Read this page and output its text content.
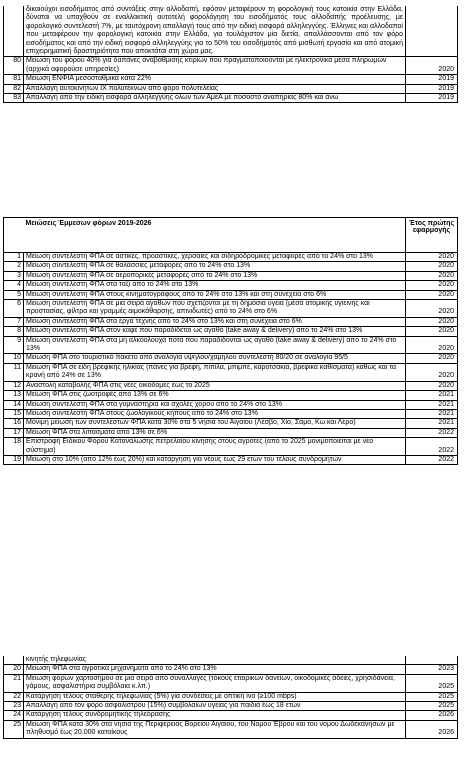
	δικαιούχοι εισοδήματος από συντάξεις στην αλλοδαπή, εφόσον μεταφέρουν τη φορολογική τους κατοικία στην Ελλάδα, δύναται να υπαχθούν σε εναλλακτική αυτοτελή φορολόγηση του εισοδήματός τους αλλοδαπής προέλευσης, με φορολογικό συντελεστή 7%, με ταυτόχρονη απαλλαγή τους από την ειδική εισφορά αλληλεγγύης. Έλληνες και αλλοδαποί που μεταφέρουν την φορολογική κατοικία στην Ελλάδα, για τουλάχιστον μία διετία, απαλλάσσονται από τον φόρο εισοδήματος και από την ειδική εισφορά αλληλεγγύης για το 50% του εισοδήματός από μισθωτή εργασία και από ατομική επιχειρηματική δραστηριότητα που αποκτάται στη χώρα μας.	
80	Μείωση του φόρου 40% για δαπάνες αναβάθμισης κτιρίων που πραγματοποιούνται με ηλεκτρονικά μέσα πληρωμών (αρχικά αφορούσε υπηρεσίες)	2020
81	Μείωση ΕΝΦΙΑ μεσοσταθμικά κατά 22%	2019
82	Απαλλαγή αυτοκινήτων ΙΧ πολυτέκνων από φόρο πολυτελείας	2019
83	Απαλλαγή από την ειδική εισφορά αλληλεγγύης όλων των ΑμεΑ με ποσοστό αναπηρίας 80% και άνω	2019
	Μειώσεις Έμμεσων φόρων 2019-2026	Έτος πρώτης εφαρμογής
1	Μείωση συντελεστή ΦΠΑ σε αστικές, προαστικές, χερσαίες και σιδηροδρομικές μεταφορές από το 24% στο 13%	2020
2	Μείωση συντελεστή ΦΠΑ σε θαλάσσιες μεταφορές από το 24% στο 13%	2020
3	Μείωση συντελεστή ΦΠΑ σε αεροπορικές μεταφορές από το 24% στο 13%	2020
4	Μείωση συντελεστή ΦΠΑ στα ταξί από το 24% στο 13%	2020
5	Μείωση συντελεστή ΦΠΑ στους κινηματογράφους από το 24% στο 13% και στη συνέχεια στο 6%	2020
6	Μείωση συντελεστή ΦΠΑ σε μια σειρά αγαθών που σχετίζονται με τη δημόσια υγεία (μέσα ατομικής υγιεινής και προστασίας, φίλτρα και γραμμές αιμοκάθαρσης, απινιδωτές) από το 24% στο 6%	2020
7	Μείωση συντελεστή ΦΠΑ στα έργα τέχνης από το 24% στο 13% και στη συνέχεια στο 6%	2020
8	Μείωση συντελεστή ΦΠΑ στον καφέ που παραδίδεται ως αγαθό (take away & delivery) από το 24% στο 13%	2020
9	Μείωση συντελεστή ΦΠΑ στα μη αλκοολούχα ποτά που παραδίδονται ως αγαθό (take away & delivery) από το 24% στο 13%	2020
10	Μείωση ΦΠΑ στο τουριστικό πακέτο από αναλογία υψηλού/χαμηλού συντελεστή 80/20 σε αναλογία 95/5	2020
11	Μείωση ΦΠΑ σε είδη βρεφικής ηλικίας (πάνες για βρέφη, πιπίλα, μπιμπέ, καροτσάκια, βρεφικά καθίσματα) καθώς και τα κρανή από 24% σε 13%	2020
12	Αναστολή καταβολής ΦΠΑ στις νέες οικοδομές έως το 2025	2020
13	Μείωση ΦΠΑ στις ζωοτροφές από 13% σε 6%	2021
14	Μείωση συντελεστή ΦΠΑ στα γυμναστήρια και σχολές χορού από το 24% στο 13%	2021
15	Μείωση συντελεστή ΦΠΑ στους ζωολογικούς κήπους από το 24% στο 13%	2021
16	Μόνιμη μείωση των συντελεστών ΦΠΑ κατά 30% στα 5 νησιά του Αιγαίου (Λέσβο, Χίο, Σάμο, Κω και Λέρο)	2021
17	Μείωση ΦΠΑ στα λιπάσματα από 13% σε 6%	2022
18	Επιστροφή Ειδικού Φόρου Κατανάλωσης πετρελαίου κίνησης στους αγρότες (από το 2025 μονιμοποιείται με νέο σύστημα)	2022
19	Μείωση στο 10% (από 12% έως 20%) και κατάργηση για νέους έως 29 ετών του τέλους συνδρομητών	2022
	κινητής τηλεφωνίας	
20	Μείωση ΦΠΑ στα αγροτικά μηχανήματα από το 24% στο 13%	2023
21	Μείωση φόρων χαρτοσήμου σε μια σειρά από συναλλαγές (τόκους εταιρικών δανείων, οικοδομικές άδειες, χρησιδάνεια, γάμους, ασφαλιστήρια συμβόλαια κ.λπ.)	2025
22	Κατάργηση τέλους σταθερής τηλεφωνίας (5%) για συνδέσεις με οπτική ίνα (≥100 mbps)	2025
23	Απαλλαγή από τον φόρο ασφαλίστρου (15%) συμβολαίων υγείας για παιδιά έως 18 ετών	2025
24	Κατάργηση τέλους συνδρομητικής τηλεόρασης	2026
25	Μείωση ΦΠΑ κατά 30% στα νησιά της Περιφέρειας Βορείου Αιγαίου, του Νομού Έβρου και του νομού Δωδεκανήσων με πληθυσμό έως 20.000 κατοίκους	2026
